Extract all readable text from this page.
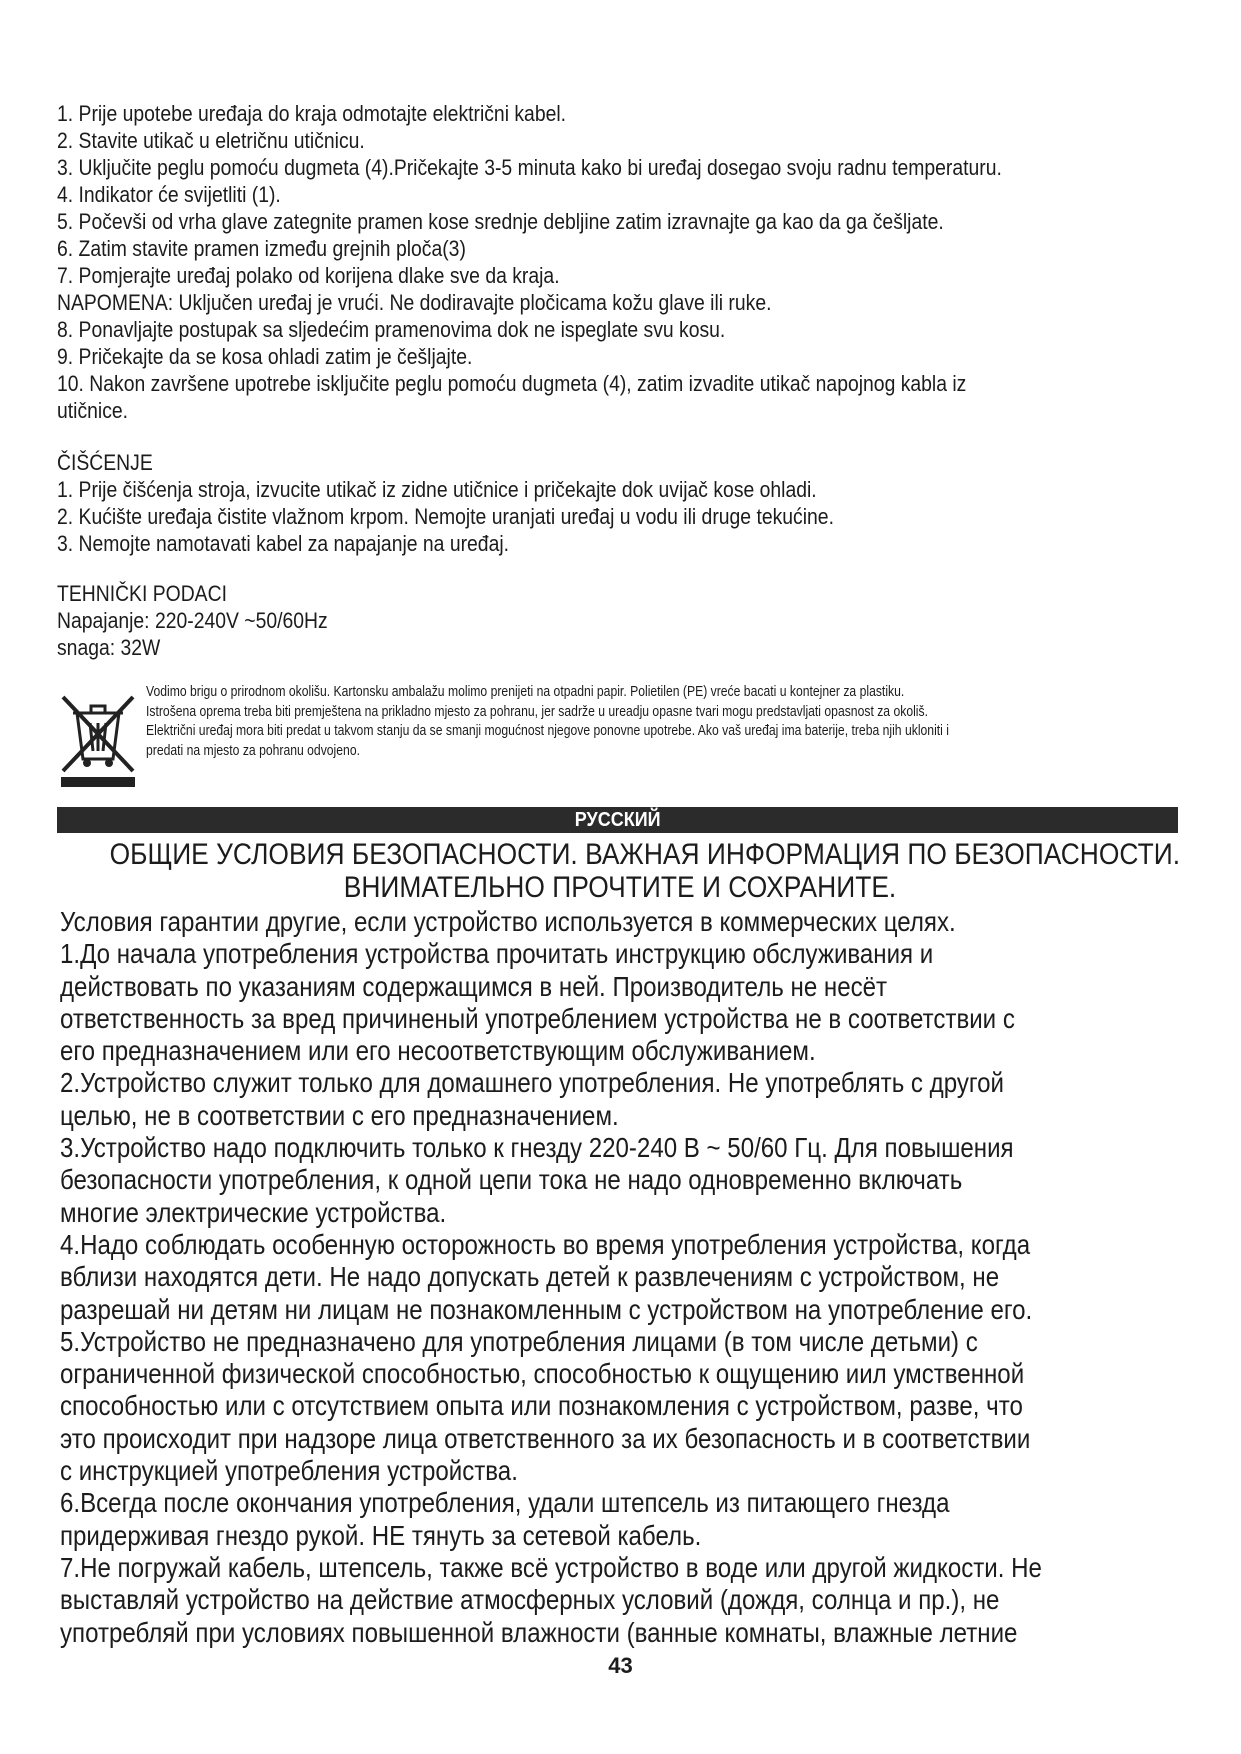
1. Prije upotebe uređaja do kraja odmotajte električni kabel.
2. Stavite utikač u eletričnu utičnicu.
3. Uključite peglu pomoću dugmeta (4).Pričekajte 3-5 minuta kako bi uređaj dosegao svoju radnu temperaturu.
4. Indikator će svijetliti (1).
5. Počevši od vrha glave zategnite pramen kose srednje debljine zatim izravnajte ga kao da ga češljate.
6. Zatim stavite pramen između grejnih ploča(3)
7. Pomjerajte uređaj polako od korijena dlake sve da kraja.
NAPOMENA: Uključen uređaj je vrući. Ne dodiravajte pločicama kožu glave ili ruke.
8. Ponavljajte postupak sa sljedećim pramenovima dok ne ispeglate svu kosu.
9. Pričekajte da se kosa ohladi zatim je češljajte.
10. Nakon završene upotrebe isključite peglu pomoću dugmeta (4), zatim izvadite utikač napojnog kabla iz
utičnice.
ČIŠĆENJE
1. Prije čišćenja stroja, izvucite utikač iz zidne utičnice i pričekajte dok uvijač kose ohladi.
2. Kućište uređaja čistite vlažnom krpom. Nemojte uranjati uređaj u vodu ili druge tekućine.
3. Nemojte namotavati kabel za napajanje na uređaj.
TEHNIČKI PODACI
Napajanje: 220-240V ~50/60Hz
snaga: 32W
Vodimo brigu o prirodnom okolišu. Kartonsku ambalažu molimo prenijeti na otpadni papir. Polietilen (PE) vreće bacati u kontejner za plastiku.
Istrošena oprema treba biti premještena na prikladno mjesto za pohranu, jer sadrže u ureadju opasne tvari mogu predstavljati opasnost za okoliš.
Električni uređaj mora biti predat u takvom stanju da se smanji mogućnost njegove ponovne upotrebe. Ako vaš uređaj ima baterije, treba njih ukloniti i
predati na mjesto za pohranu odvojeno.
РУССКИЙ
ОБЩИЕ УСЛОВИЯ БЕЗОПАСНОСТИ. ВАЖНАЯ ИНФОРМАЦИЯ ПО БЕЗОПАСНОСТИ.
ВНИМАТЕЛЬНО ПРОЧТИТЕ И СОХРАНИТЕ.
Условия гарантии другие, если устройство используется в коммерческих целях.
1.До начала употребления устройства прочитать инструкцию обслуживания и
действовать по указаниям содержащимся в ней. Производитель не несёт
ответственность за вред причиненый употреблением устройства не в соответствии с
его предназначением или его несоответствующим обслуживанием.
2.Устройство служит только для домашнего употребления. Не употреблять с другой
целью, не в соответствии с его предназначением.
3.Устройство надо подключить только к гнезду 220-240 В ~ 50/60 Гц. Для повышения
безопасности употребления, к одной цепи тока не надо одновременно включать
многие электрические устройства.
4.Надо соблюдать особенную осторожность во время употребления устройства, когда
вблизи находятся дети. Не надо допускать детей к развлечениям с устройством, не
разрешай ни детям ни лицам не познакомленным с устройством на употребление его.
5.Устройство не предназначено для употребления лицами (в том числе детьми) с
ограниченной физической способностью, способностью к ощущению иил умственной
способностью или с отсутствием опыта или познакомления с устройством, разве, что
это происходит при надзоре лица ответственного за их безопасность и в соответствии
с инструкцией употребления устройства.
6.Всегда после окончания употребления, удали штепсель из питающего гнезда
придерживая гнездо рукой. НЕ тянуть за сетевой кабель.
7.Не погружай кабель, штепсель, также всё устройство в воде или другой жидкости. Не
выставляй устройство на действие атмосферных условий (дождя, солнца и пр.), не
употребляй при условиях повышенной влажности (ванные комнаты, влажные летние
43
